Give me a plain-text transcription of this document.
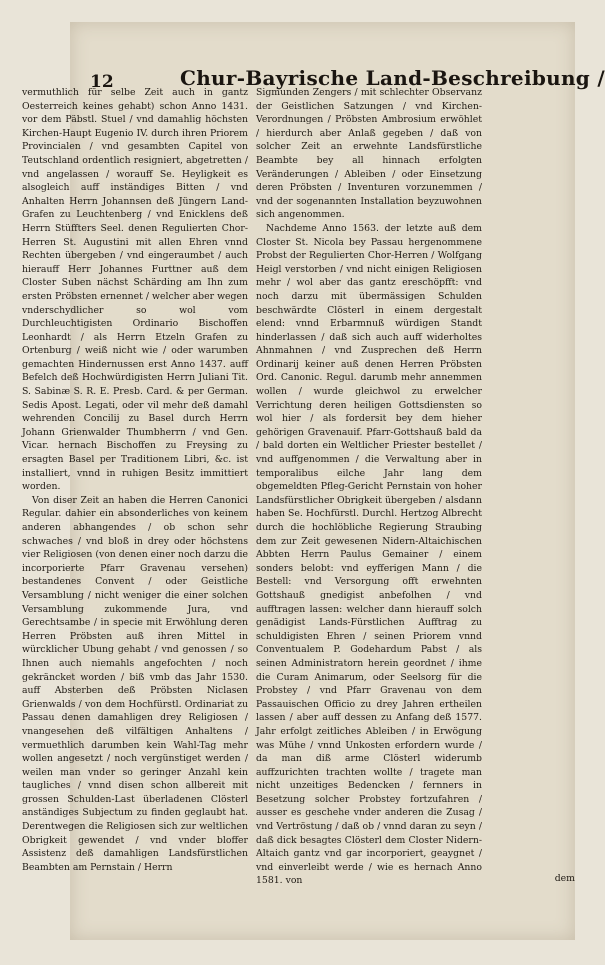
12	Chur-Bayrische Land-Beschreibung /

vermuthlich für selbe Zeit auch in gantz Oesterreich keines gehabt) schon Anno 1431. vor dem Päbstl. Stuel / vnd damahlig höchsten Kirchen-Haupt Eugenio IV. durch ihren Priorem Provincialen / vnd gesambten Capitel von Teutschland ordentlich resigniert, abgetretten / vnd angelassen / worauff Se. Heyligkeit es alsogleich auff inständiges Bitten / vnd Anhalten Herrn Johannsen deß Jüngern Land-Grafen zu Leuchtenberg / vnd Enicklens deß Herrn Stüffters Seel. denen Regulierten Chor-Herren St. Augustini mit allen Ehren vnnd Rechten übergeben / vnd eingeraumbet / auch hierauff Herr Johannes Furttner auß dem Closter Suben nächst Schärding am Ihn zum ersten Pröbsten ernennet / welcher aber wegen vnderschydlicher so wol vom Durchleuchtigisten Ordinario Bischoffen Leonhardt / als Herrn Etzeln Grafen zu Ortenburg / weiß nicht wie / oder warumben gemachten Hindernussen erst Anno 1437. auff Befelch deß Hochwürdigisten Herrn Juliani Tit. S. Sabinæ S. R. E. Presb. Card. & per German. Sedis Apost. Legati, oder vil mehr deß damahl wehrenden Concilij zu Basel durch Herrn Johann Grienwalder Thumbherrn / vnd Gen. Vicar. hernach Bischoffen zu Freysing zu ersagten Basel per Traditionem Libri, &c. ist installiert, vnnd in ruhigen Besitz immittiert worden.

Von diser Zeit an haben die Herren Canonici Regular. dahier ein absonderliches von keinem anderen abhangendes / ob schon sehr schwaches / vnd bloß in drey oder höchstens vier Religiosen (von denen einer noch darzu die incorporierte Pfarr Gravenau versehen) bestandenes Convent / oder Geistliche Versamblung / nicht weniger die einer solchen Versamblung zukommende Jura, vnd Gerechtsambe / in specie mit Erwöhlung deren Herren Pröbsten auß ihren Mittel in würcklicher Ubung gehabt / vnd genossen / so Ihnen auch niemahls angefochten / noch gekräncket worden / biß vmb das Jahr 1530. auff Absterben deß Pröbsten Niclasen Grienwalds / von dem Hochfürstl. Ordinariat zu Passau denen damahligen drey Religiosen / vnangesehen deß vilfältigen Anhaltens / vermuethlich darumben kein Wahl-Tag mehr wollen angesetzt / noch vergünstiget werden / weilen man vnder so geringer Anzahl kein taugliches / vnnd disen schon allbereit mit grossen Schulden-Last überladenen Clösterl anständiges Subjectum zu finden geglaubt hat. Derentwegen die Religiosen sich zur weltlichen Obrigkeit gewendet / vnd vnder bloffer Assistenz deß damahligen Landsfürstlichen Beambten am Pernstain / Herrn

Sigmunden Zengers / mit schlechter Observanz der Geistlichen Satzungen / vnd Kirchen-Verordnungen / Pröbsten Ambrosium erwöhlet / hierdurch aber Anlaß gegeben / daß von solcher Zeit an erwehnte Landsfürstliche Beambte bey all hinnach erfolgten Veränderungen / Ableiben / oder Einsetzung deren Pröbsten / Inventuren vorzunemmen / vnd der sogenannten Installation beyzuwohnen sich angenommen.

Nachdeme Anno 1563. der letzte auß dem Closter St. Nicola bey Passau hergenommene Probst der Regulierten Chor-Herren / Wolfgang Heigl verstorben / vnd nicht einigen Religiosen mehr / wol aber das gantz ereschöpfft: vnd noch darzu mit übermässigen Schulden beschwärdte Clösterl in einem dergestalt elend: vnnd Erbarmnuß würdigen Standt hinderlassen / daß sich auch auff widerholtes Ahnmahnen / vnd Zusprechen deß Herrn Ordinarij keiner auß denen Herren Pröbsten Ord. Canonic. Regul. darumb mehr annemmen wollen / wurde gleichwol zu erwelcher Verrichtung deren heiligen Gottsdiensten so wol hier / als fordersit bey dem hieher gehörigen Gravenauif. Pfarr-Gottshauß bald da / bald dorten ein Weltlicher Priester bestellet / vnd auffgenommen / die Verwaltung aber in temporalibus eilche Jahr lang dem obgemeldten Pfleg-Gericht Pernstain von hoher Landsfürstlicher Obrigkeit übergeben / alsdann haben Se. Hochfürstl. Durchl. Hertzog Albrecht durch die hochlöbliche Regierung Straubing dem zur Zeit gewesenen Nidern-Altaichischen Abbten Herrn Paulus Gemainer / einem sonders belobt: vnd eyfferigen Mann / die Bestell: vnd Versorgung offt erwehnten Gottshauß gnedigist anbefolhen / vnd aufftragen lassen: welcher dann hierauff solch genädigist Lands-Fürstlichen Aufftrag zu schuldigisten Ehren / seinen Priorem vnnd Conventualem P. Godehardum Pabst / als seinen Administratorn herein geordnet / ihme die Curam Animarum, oder Seelsorg für die Probstey / vnd Pfarr Gravenau von dem Passauischen Officio zu drey Jahren ertheilen lassen / aber auff dessen zu Anfang deß 1577. Jahr erfolgt zeitliches Ableiben / in Erwögung was Mühe / vnnd Unkosten erfordern wurde / da man diß arme Clösterl widerumb auffzurichten trachten wollte / tragete man nicht unzeitiges Bedencken / fernners in Besetzung solcher Probstey fortzufahren / ausser es geschehe vnder anderen die Zusag / vnd Vertröstung / daß ob / vnnd daran zu seyn / daß dick besagtes Clösterl dem Closter Nidern-Altaich gantz vnd gar incorporiert, geaygnet / vnd einverleibt werde / wie es hernach Anno 1581. von	dem
